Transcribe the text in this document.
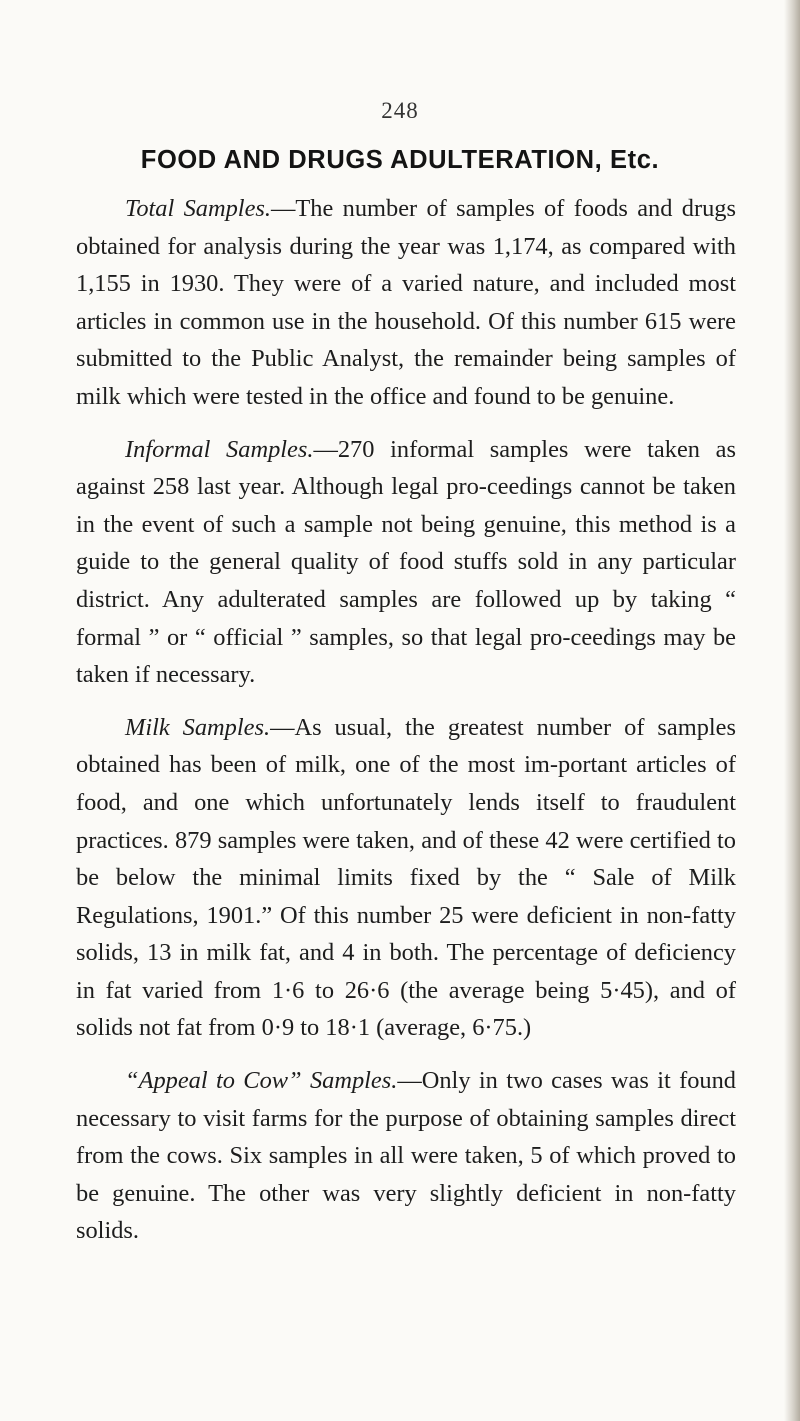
248
FOOD AND DRUGS ADULTERATION, Etc.

Total Samples.—The number of samples of foods and drugs obtained for analysis during the year was 1,174, as compared with 1,155 in 1930. They were of a varied nature, and included most articles in common use in the household. Of this number 615 were submitted to the Public Analyst, the remainder being samples of milk which were tested in the office and found to be genuine.

Informal Samples.—270 informal samples were taken as against 258 last year. Although legal pro-ceedings cannot be taken in the event of such a sample not being genuine, this method is a guide to the general quality of food stuffs sold in any particular district. Any adulterated samples are followed up by taking “ formal ” or “ official ” samples, so that legal pro-ceedings may be taken if necessary.

Milk Samples.—As usual, the greatest number of samples obtained has been of milk, one of the most im-portant articles of food, and one which unfortunately lends itself to fraudulent practices. 879 samples were taken, and of these 42 were certified to be below the minimal limits fixed by the “ Sale of Milk Regulations, 1901.” Of this number 25 were deficient in non-fatty solids, 13 in milk fat, and 4 in both. The percentage of deficiency in fat varied from 1·6 to 26·6 (the average being 5·45), and of solids not fat from 0·9 to 18·1 (average, 6·75.)

“Appeal to Cow” Samples.—Only in two cases was it found necessary to visit farms for the purpose of obtaining samples direct from the cows. Six samples in all were taken, 5 of which proved to be genuine. The other was very slightly deficient in non-fatty solids.
